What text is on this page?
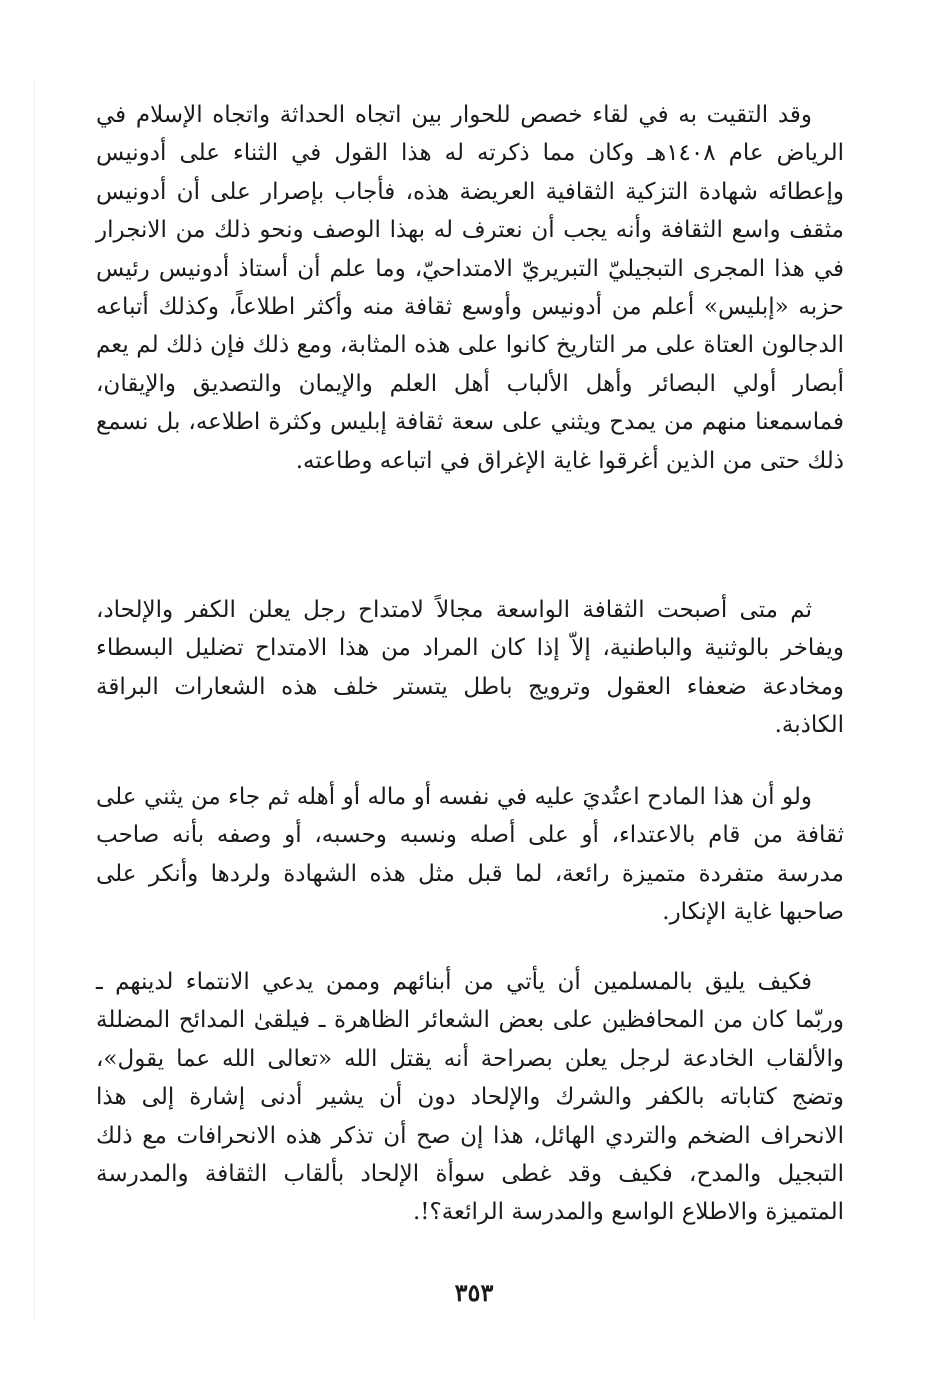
وقد التقيت به في لقاء خصص للحوار بين اتجاه الحداثة واتجاه الإسلام في الرياض عام ١٤٠٨هـ وكان مما ذكرته له هذا القول في الثناء على أدونيس وإعطائه شهادة التزكية الثقافية العريضة هذه، فأجاب بإصرار على أن أدونيس مثقف واسع الثقافة وأنه يجب أن نعترف له بهذا الوصف ونحو ذلك من الانجرار في هذا المجرى التبجيليّ التبريريّ الامتداحيّ، وما علم أن أستاذ أدونيس رئيس حزبه «إبليس» أعلم من أدونيس وأوسع ثقافة منه وأكثر اطلاعاً، وكذلك أتباعه الدجالون العتاة على مر التاريخ كانوا على هذه المثابة، ومع ذلك فإن ذلك لم يعم أبصار أولي البصائر وأهل الألباب أهل العلم والإيمان والتصديق والإيقان، فماسمعنا منهم من يمدح ويثني على سعة ثقافة إبليس وكثرة اطلاعه، بل نسمع ذلك حتى من الذين أغرقوا غاية الإغراق في اتباعه وطاعته.

ثم متى أصبحت الثقافة الواسعة مجالاً لامتداح رجل يعلن الكفر والإلحاد، ويفاخر بالوثنية والباطنية، إلاّ إذا كان المراد من هذا الامتداح تضليل البسطاء ومخادعة ضعفاء العقول وترويج باطل يتستر خلف هذه الشعارات البراقة الكاذبة.

ولو أن هذا المادح اعتُديَ عليه في نفسه أو ماله أو أهله ثم جاء من يثني على ثقافة من قام بالاعتداء، أو على أصله ونسبه وحسبه، أو وصفه بأنه صاحب مدرسة متفردة متميزة رائعة، لما قبل مثل هذه الشهادة ولردها وأنكر على صاحبها غاية الإنكار.

فكيف يليق بالمسلمين أن يأتي من أبنائهم وممن يدعي الانتماء لدينهم ـ وربّما كان من المحافظين على بعض الشعائر الظاهرة ـ فيلقىٰ المدائح المضللة والألقاب الخادعة لرجل يعلن بصراحة أنه يقتل الله «تعالى الله عما يقول»، وتضج كتاباته بالكفر والشرك والإلحاد دون أن يشير أدنى إشارة إلى هذا الانحراف الضخم والتردي الهائل، هذا إن صح أن تذكر هذه الانحرافات مع ذلك التبجيل والمدح، فكيف وقد غطى سوأة الإلحاد بألقاب الثقافة والمدرسة المتميزة والاطلاع الواسع والمدرسة الرائعة؟!.

٣٥٣
